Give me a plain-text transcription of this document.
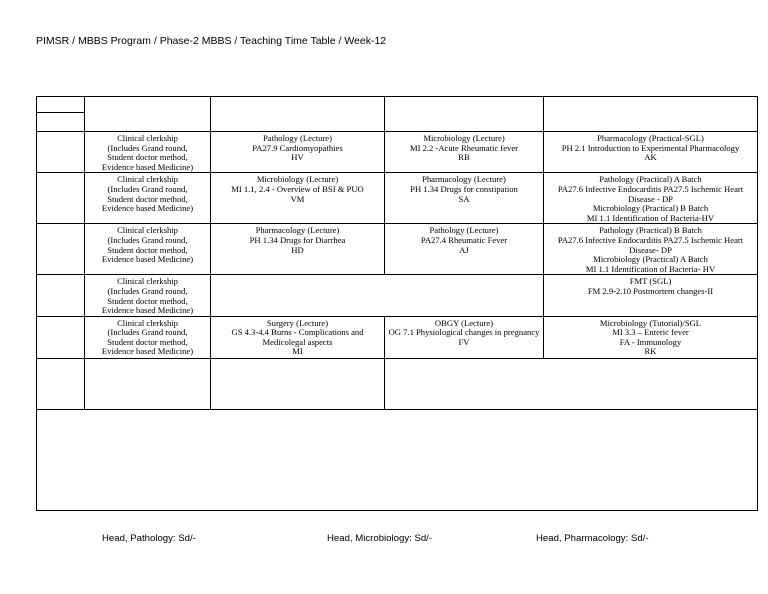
PIMSR / MBBS Program / Phase-2 MBBS / Teaching Time Table / Week-12

	Clinical clerkship
(Includes Grand round,
Student doctor method,
Evidence based Medicine)	Pathology (Lecture)
PA27.9 Cardiomyopathies
HV	Microbiology (Lecture)
MI 2.2 -Acute Rheumatic fever
RB	Pharmacology (Practical-SGL)
PH 2.1 Introduction to Experimental Pharmacology
AK

	Clinical clerkship
(Includes Grand round,
Student doctor method,
Evidence based Medicine)	Microbiology (Lecture)
MI 1.1, 2.4 - Overview of BSI & PUO
VM	Pharmacology (Lecture)
PH 1.34 Drugs for constipation
SA	Pathology (Practical) A Batch
PA27.6 Infective Endocarditis PA27.5 Ischemic Heart
Disease - DP
Microbiology (Practical) B Batch
MI 1.1 Identification of Bacteria-HV

	Clinical clerkship
(Includes Grand round,
Student doctor method,
Evidence based Medicine)	Pharmacology (Lecture)
PH 1.34 Drugs for Diarrhea
HD	Pathology (Lecture)
PA27.4 Rheumatic Fever
AJ	Pathology (Practical) B Batch
PA27.6 Infective Endocarditis PA27.5 Ischemic Heart
Disease- DP
Microbiology (Practical) A Batch
MI 1.1 Identification of Bacteria- HV

	Clinical clerkship
(Includes Grand round,
Student doctor method,
Evidence based Medicine)			FMT (SGL)
FM 2.9-2.10 Postmortem changes-II

	Clinical clerkship
(Includes Grand round,
Student doctor method,
Evidence based Medicine)	Surgery (Lecture)
GS 4.3-4.4 Burns - Complications and
Medicolegal aspects
MI	OBGY (Lecture)
OG 7.1 Physiological changes in pregnancy
FV	Microbiology (Tutorial)/SGL
MI 3.3 – Enteric fever
FA - Immunology
RK

Head, Pathology: Sd/-	Head, Microbiology: Sd/-	Head, Pharmacology: Sd/-
